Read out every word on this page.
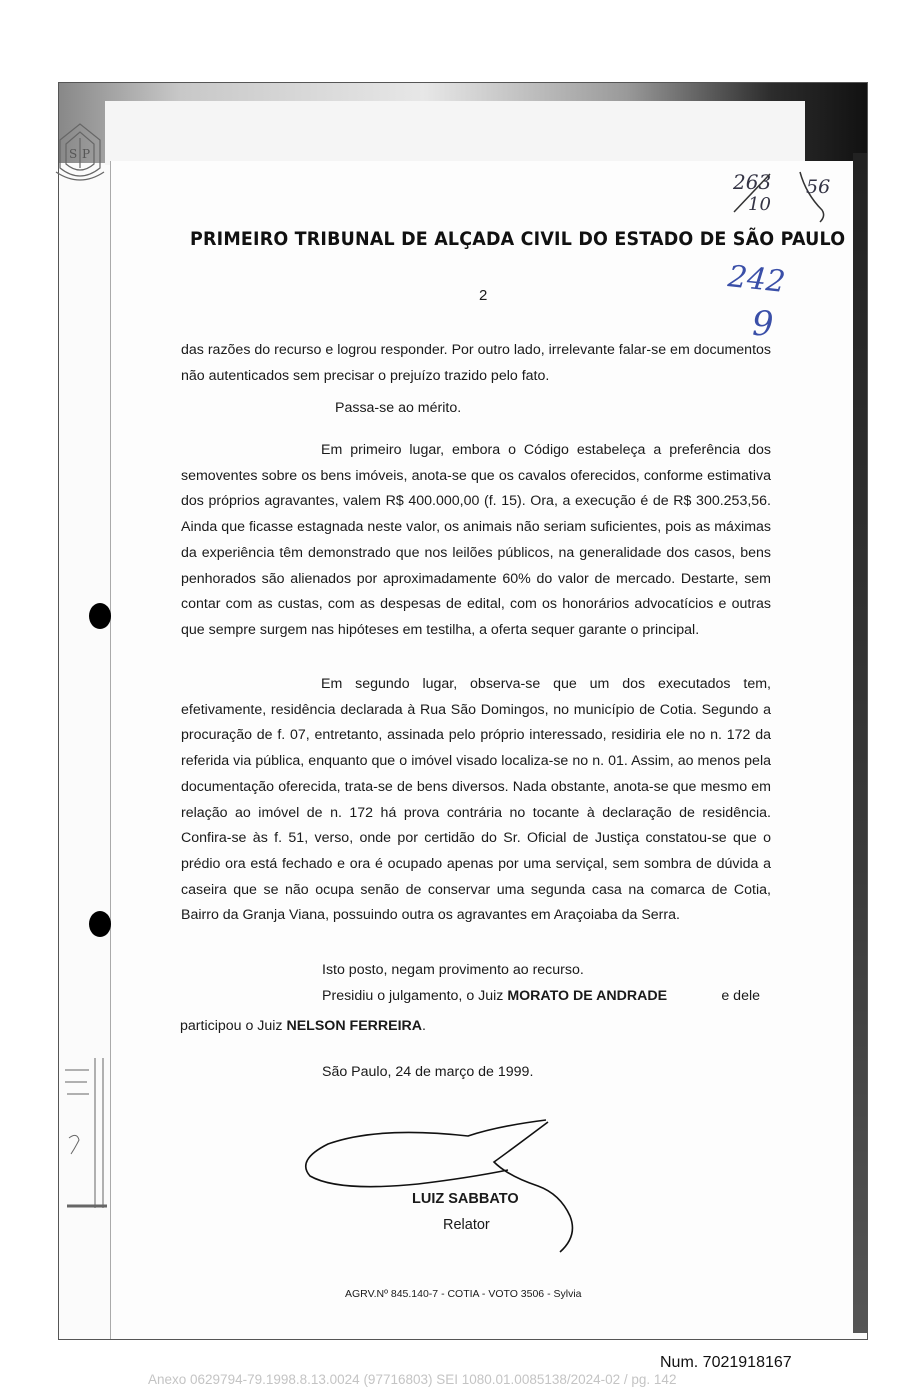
S P
PRIMEIRO TRIBUNAL DE ALÇADA CIVIL DO ESTADO DE SÃO PAULO
2
263
10
56
242
9

das razões do recurso e logrou responder. Por outro lado, irrelevante falar-se em documentos não autenticados sem precisar o prejuízo trazido pelo fato.

Passa-se ao mérito.

Em primeiro lugar, embora o Código estabeleça a preferência dos semoventes sobre os bens imóveis, anota-se que os cavalos oferecidos, conforme estimativa dos próprios agravantes, valem R$ 400.000,00 (f. 15). Ora, a execução é de R$ 300.253,56. Ainda que ficasse estagnada neste valor, os animais não seriam suficientes, pois as máximas da experiência têm demonstrado que nos leilões públicos, na generalidade dos casos, bens penhorados são alienados por aproximadamente 60% do valor de mercado. Destarte, sem contar com as custas, com as despesas de edital, com os honorários advocatícios e outras que sempre surgem nas hipóteses em testilha, a oferta sequer garante o principal.

Em segundo lugar, observa-se que um dos executados tem, efetivamente, residência declarada à Rua São Domingos, no município de Cotia. Segundo a procuração de f. 07, entretanto, assinada pelo próprio interessado, residiria ele no n. 172 da referida via pública, enquanto que o imóvel visado localiza-se no n. 01. Assim, ao menos pela documentação oferecida, trata-se de bens diversos. Nada obstante, anota-se que mesmo em relação ao imóvel de n. 172 há prova contrária no tocante à declaração de residência. Confira-se às f. 51, verso, onde por certidão do Sr. Oficial de Justiça constatou-se que o prédio ora está fechado e ora é ocupado apenas por uma serviçal, sem sombra de dúvida a caseira que se não ocupa senão de conservar uma segunda casa na comarca de Cotia, Bairro da Granja Viana, possuindo outra os agravantes em Araçoiaba da Serra.

Isto posto, negam provimento ao recurso.
Presidiu o julgamento, o Juiz MORATO DE ANDRADE	e dele
participou o Juiz NELSON FERREIRA.
São Paulo, 24 de março de 1999.
LUIZ SABBATO
Relator
AGRV.Nº 845.140-7 - COTIA - VOTO 3506 - Sylvia
Num. 7021918167
Anexo 0629794-79.1998.8.13.0024 (97716803) SEI 1080.01.0085138/2024-02 / pg. 142
